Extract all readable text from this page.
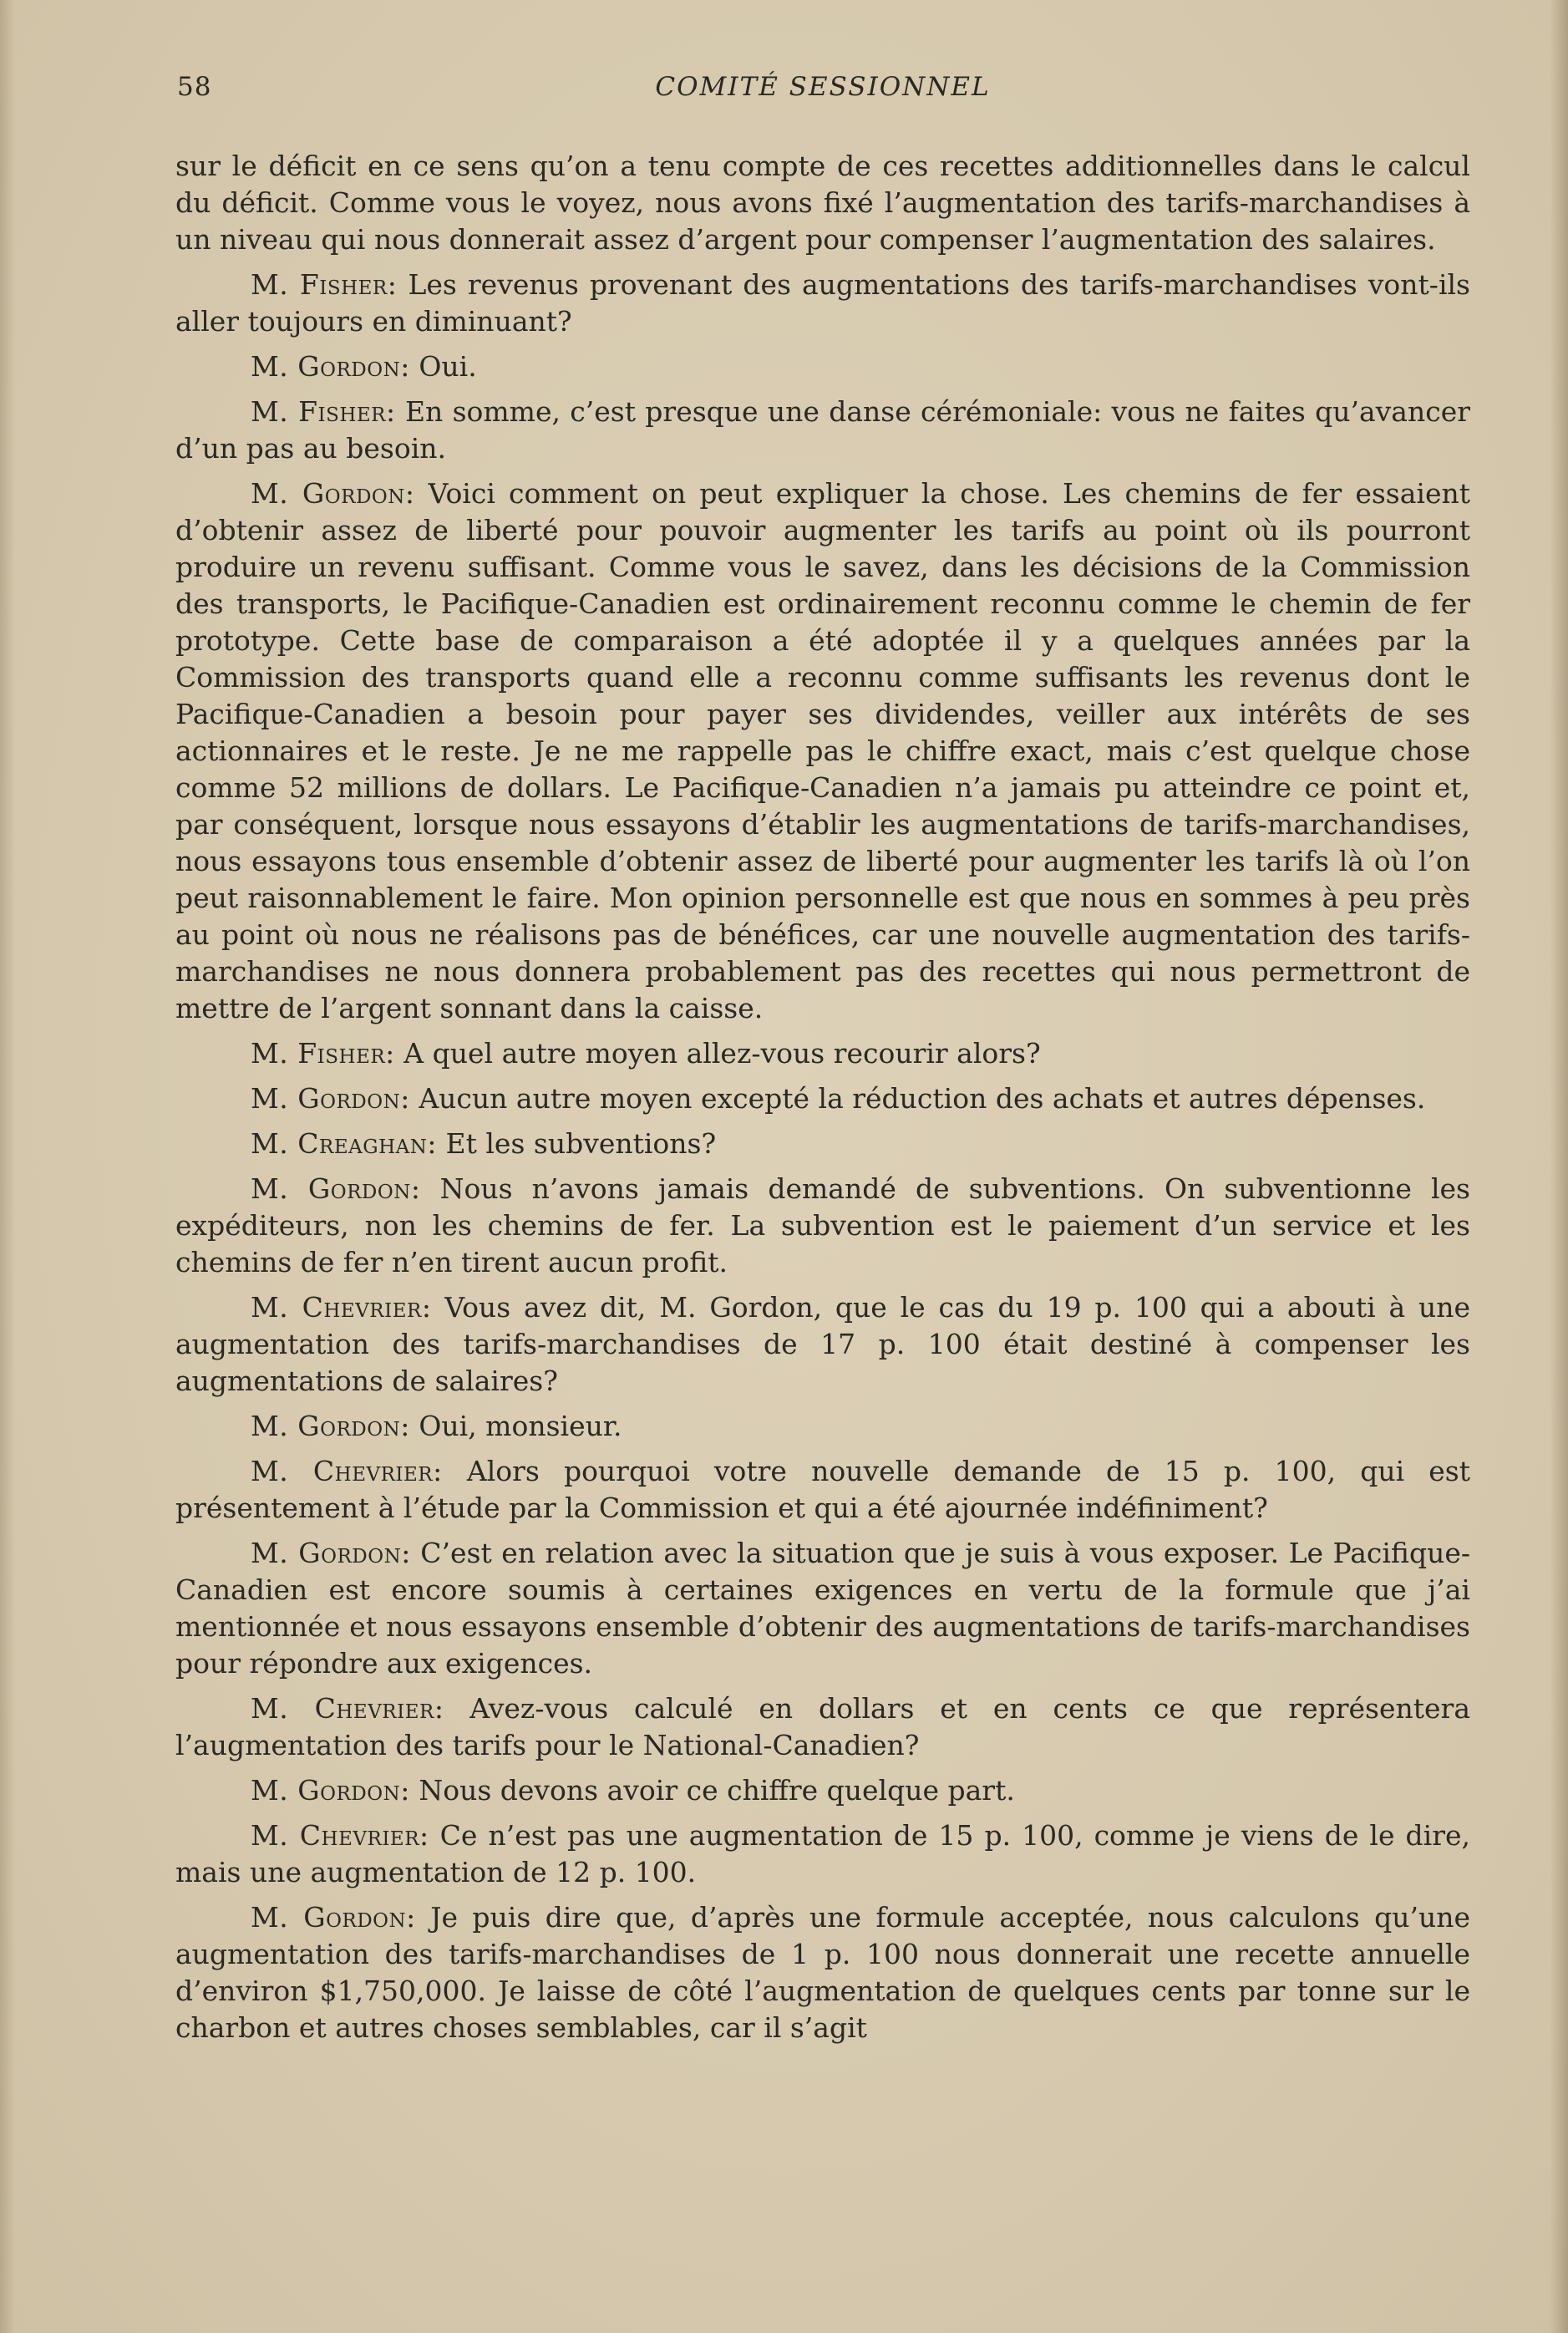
58	COMITÉ SESSIONNEL

sur le déficit en ce sens qu’on a tenu compte de ces recettes additionnelles dans le calcul du déficit. Comme vous le voyez, nous avons fixé l’augmentation des tarifs-marchandises à un niveau qui nous donnerait assez d’argent pour compenser l’augmentation des salaires.

M. Fisher: Les revenus provenant des augmentations des tarifs-marchandises vont-ils aller toujours en diminuant?

M. Gordon: Oui.

M. Fisher: En somme, c’est presque une danse cérémoniale: vous ne faites qu’avancer d’un pas au besoin.

M. Gordon: Voici comment on peut expliquer la chose. Les chemins de fer essaient d’obtenir assez de liberté pour pouvoir augmenter les tarifs au point où ils pourront produire un revenu suffisant. Comme vous le savez, dans les décisions de la Commission des transports, le Pacifique-Canadien est ordinairement reconnu comme le chemin de fer prototype. Cette base de comparaison a été adoptée il y a quelques années par la Commission des transports quand elle a reconnu comme suffisants les revenus dont le Pacifique-Canadien a besoin pour payer ses dividendes, veiller aux intérêts de ses actionnaires et le reste. Je ne me rappelle pas le chiffre exact, mais c’est quelque chose comme 52 millions de dollars. Le Pacifique-Canadien n’a jamais pu atteindre ce point et, par conséquent, lorsque nous essayons d’établir les augmentations de tarifs-marchandises, nous essayons tous ensemble d’obtenir assez de liberté pour augmenter les tarifs là où l’on peut raisonnablement le faire. Mon opinion personnelle est que nous en sommes à peu près au point où nous ne réalisons pas de bénéfices, car une nouvelle augmentation des tarifs-marchandises ne nous donnera probablement pas des recettes qui nous permettront de mettre de l’argent sonnant dans la caisse.

M. Fisher: A quel autre moyen allez-vous recourir alors?

M. Gordon: Aucun autre moyen excepté la réduction des achats et autres dépenses.

M. Creaghan: Et les subventions?

M. Gordon: Nous n’avons jamais demandé de subventions. On subventionne les expéditeurs, non les chemins de fer. La subvention est le paiement d’un service et les chemins de fer n’en tirent aucun profit.

M. Chevrier: Vous avez dit, M. Gordon, que le cas du 19 p. 100 qui a abouti à une augmentation des tarifs-marchandises de 17 p. 100 était destiné à compenser les augmentations de salaires?

M. Gordon: Oui, monsieur.

M. Chevrier: Alors pourquoi votre nouvelle demande de 15 p. 100, qui est présentement à l’étude par la Commission et qui a été ajournée indéfiniment?

M. Gordon: C’est en relation avec la situation que je suis à vous exposer. Le Pacifique-Canadien est encore soumis à certaines exigences en vertu de la formule que j’ai mentionnée et nous essayons ensemble d’obtenir des augmentations de tarifs-marchandises pour répondre aux exigences.

M. Chevrier: Avez-vous calculé en dollars et en cents ce que représentera l’augmentation des tarifs pour le National-Canadien?

M. Gordon: Nous devons avoir ce chiffre quelque part.

M. Chevrier: Ce n’est pas une augmentation de 15 p. 100, comme je viens de le dire, mais une augmentation de 12 p. 100.

M. Gordon: Je puis dire que, d’après une formule acceptée, nous calculons qu’une augmentation des tarifs-marchandises de 1 p. 100 nous donnerait une recette annuelle d’environ $1,750,000. Je laisse de côté l’augmentation de quelques cents par tonne sur le charbon et autres choses semblables, car il s’agit
